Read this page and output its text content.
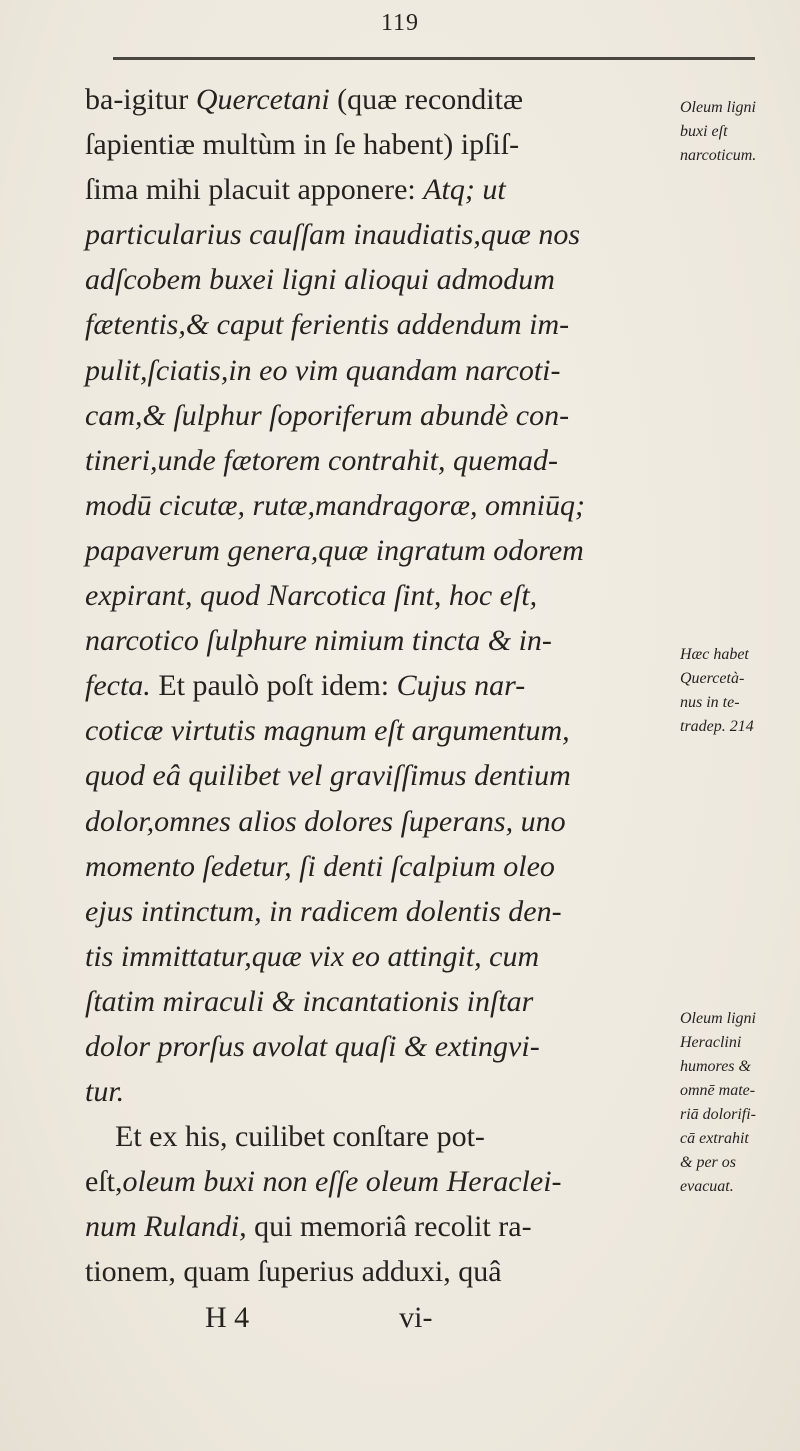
119
ba-igitur Quercetani (quæ reconditæ
ſapientiæ multùm in ſe habent) ipſiſ-
ſima mihi placuit apponere: Atq; ut
particularius cauſſam inaudiatis,quæ nos
adſcobem buxei ligni alioqui admodum
fætentis,& caput ferientis addendum im-
pulit,ſciatis,in eo vim quandam narcoti-
cam,& ſulphur ſoporiferum abundè con-
tineri,unde fætorem contrahit, quemad-
modū cicutæ, rutæ,mandragoræ, omniūq;
papaverum genera,quæ ingratum odorem
expirant, quod Narcotica ſint, hoc eſt,
narcotico ſulphure nimium tincta & in-
fecta. Et paulò poſt idem: Cujus nar-
coticæ virtutis magnum eſt argumentum,
quod eâ quilibet vel graviſſimus dentium
dolor,omnes alios dolores ſuperans, uno
momento ſedetur, ſi denti ſcalpium oleo
ejus intinctum, in radicem dolentis den-
tis immittatur,quæ vix eo attingit, cum
ſtatim miraculi & incantationis inſtar
dolor prorſus avolat quaſi & extingvi-
tur.
Et ex his, cuilibet conſtare pot-
eſt,oleum buxi non eſſe oleum Heraclei-
num Rulandi, qui memoriâ recolit ra-
tionem, quam ſuperius adduxi, quâ
H 4                    vi-
Oleum ligni
buxi eſt
narcoticum.
Hæc habet
Quercetà-
nus in te-
tradep. 214
Oleum ligni
Heraclini
humores &
omnē mate-
riā dolorifi-
cā extrahit
& per os
evacuat.
